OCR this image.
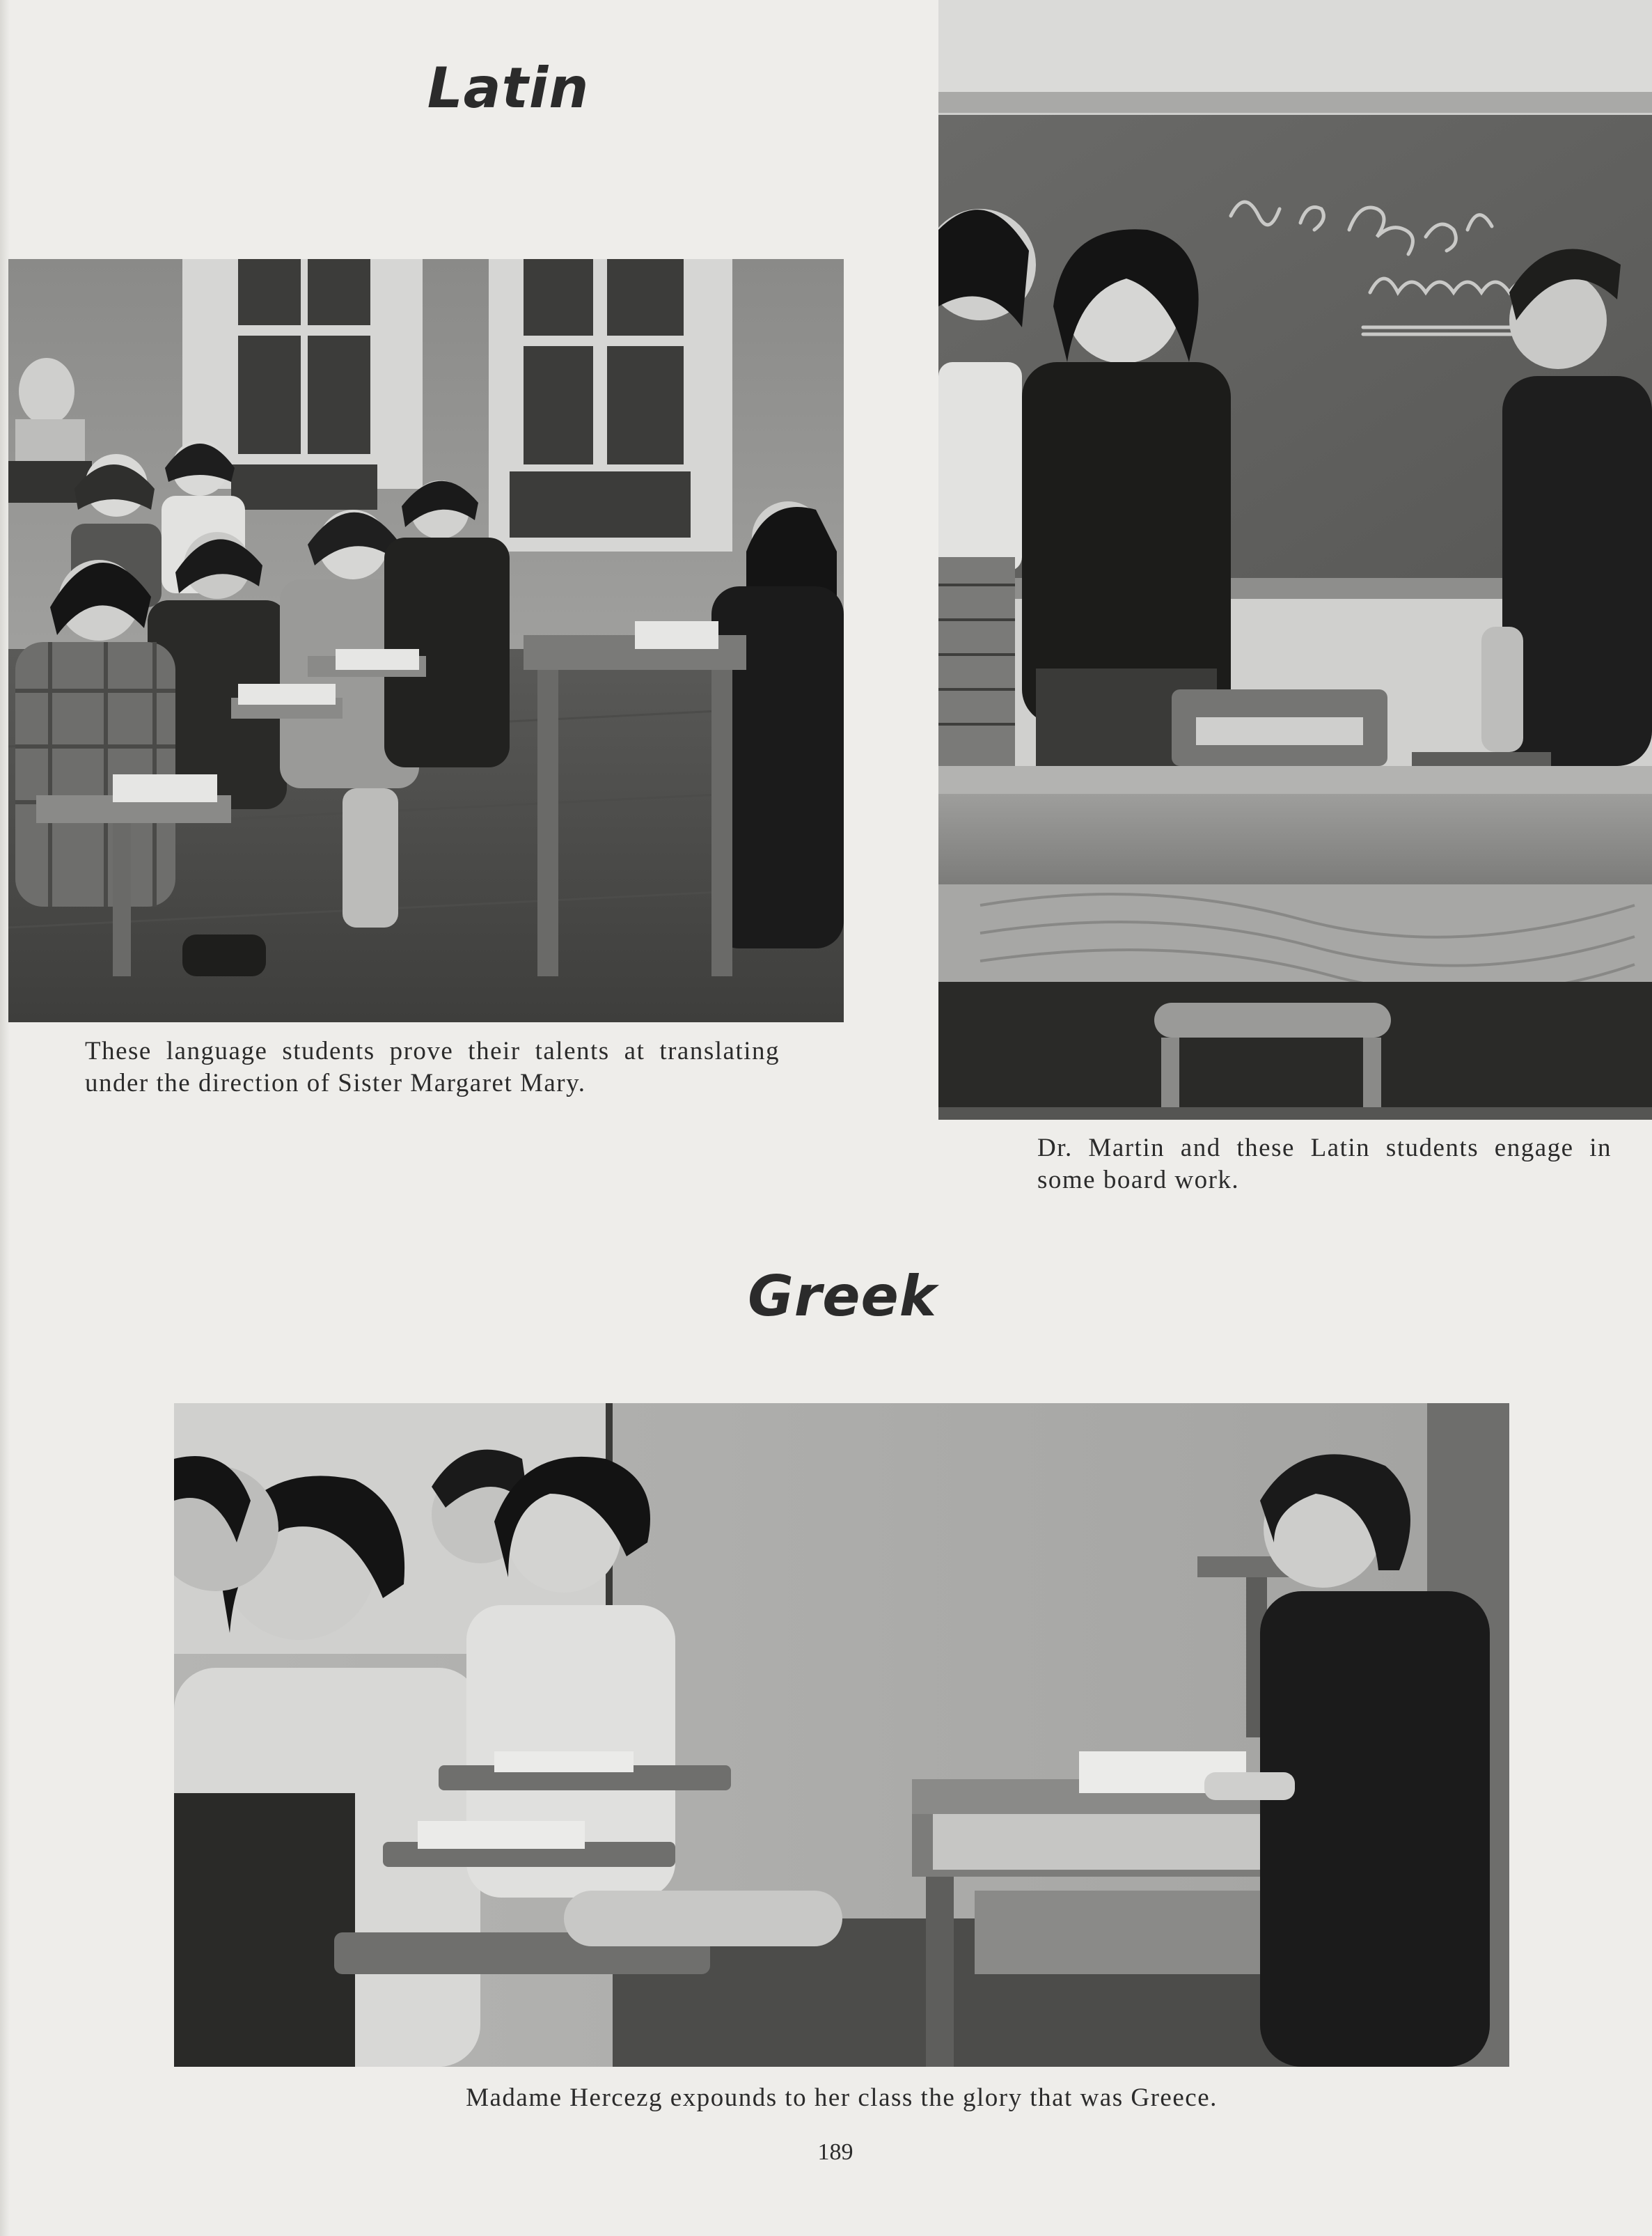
Latin

These language students prove their talents at translating
under the direction of Sister Margaret Mary.

Dr. Martin and these Latin students engage in
some board work.

Greek

Madame Hercezg expounds to her class the glory that was Greece.

189
